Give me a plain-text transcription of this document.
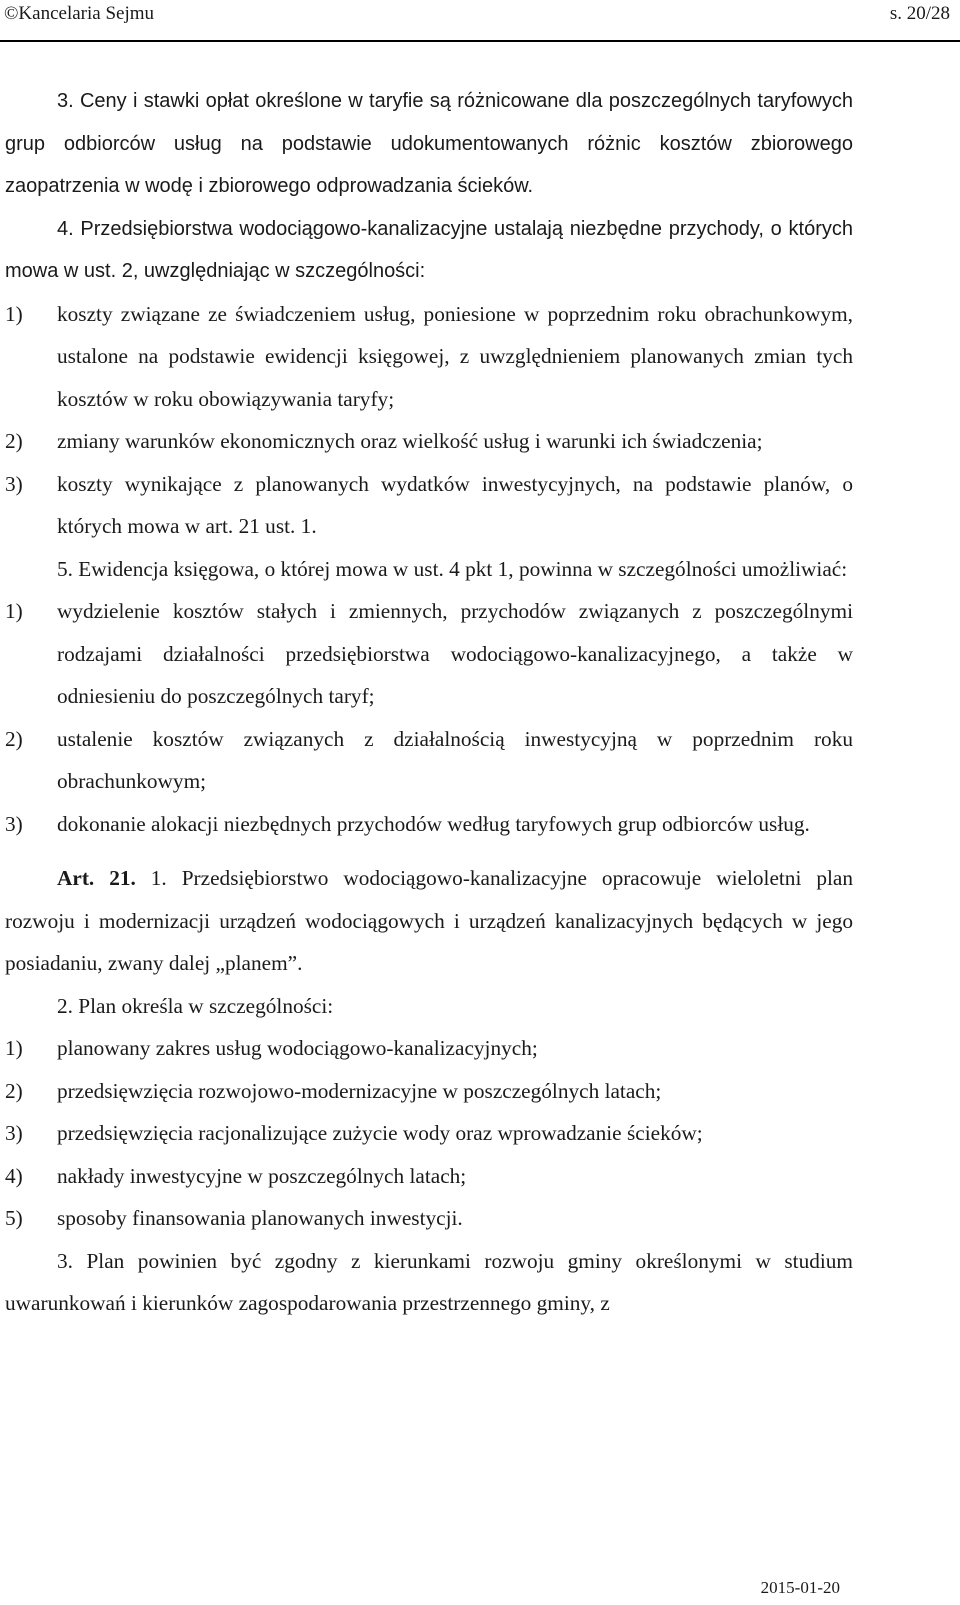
©Kancelaria Sejmu	s. 20/28

3. Ceny i stawki opłat określone w taryfie są różnicowane dla poszczególnych taryfowych grup odbiorców usług na podstawie udokumentowanych różnic kosztów zbiorowego zaopatrzenia w wodę i zbiorowego odprowadzania ścieków.

4. Przedsiębiorstwa wodociągowo-kanalizacyjne ustalają niezbędne przychody, o których mowa w ust. 2, uwzględniając w szczególności:

1)	koszty związane ze świadczeniem usług, poniesione w poprzednim roku obrachunkowym, ustalone na podstawie ewidencji księgowej, z uwzględnieniem planowanych zmian tych kosztów w roku obowiązywania taryfy;
2)	zmiany warunków ekonomicznych oraz wielkość usług i warunki ich świadczenia;
3)	koszty wynikające z planowanych wydatków inwestycyjnych, na podstawie planów, o których mowa w art. 21 ust. 1.

5. Ewidencja księgowa, o której mowa w ust. 4 pkt 1, powinna w szczególności umożliwiać:

1)	wydzielenie kosztów stałych i zmiennych, przychodów związanych z poszczególnymi rodzajami działalności przedsiębiorstwa wodociągowo-kanalizacyjnego, a także w odniesieniu do poszczególnych taryf;
2)	ustalenie kosztów związanych z działalnością inwestycyjną w poprzednim roku obrachunkowym;
3)	dokonanie alokacji niezbędnych przychodów według taryfowych grup odbiorców usług.

Art. 21. 1. Przedsiębiorstwo wodociągowo-kanalizacyjne opracowuje wieloletni plan rozwoju i modernizacji urządzeń wodociągowych i urządzeń kanalizacyjnych będących w jego posiadaniu, zwany dalej „planem”.

2. Plan określa w szczególności:

1)	planowany zakres usług wodociągowo-kanalizacyjnych;
2)	przedsięwzięcia rozwojowo-modernizacyjne w poszczególnych latach;
3)	przedsięwzięcia racjonalizujące zużycie wody oraz wprowadzanie ścieków;
4)	nakłady inwestycyjne w poszczególnych latach;
5)	sposoby finansowania planowanych inwestycji.

3. Plan powinien być zgodny z kierunkami rozwoju gminy określonymi w studium uwarunkowań i kierunków zagospodarowania przestrzennego gminy, z

2015-01-20
